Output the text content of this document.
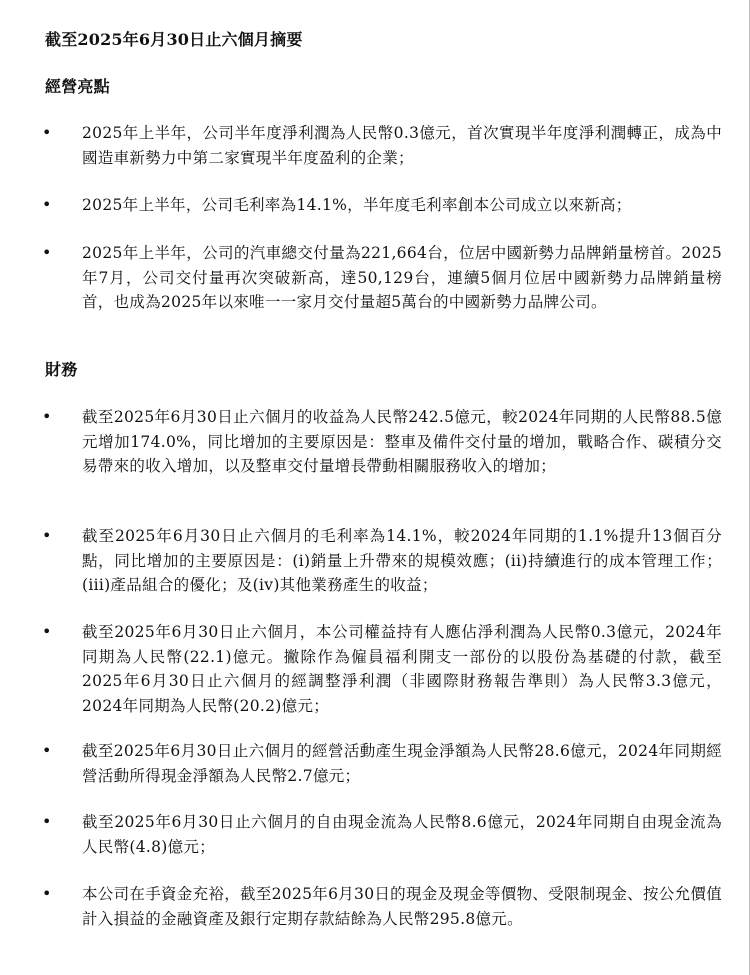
截至2025年6月30日止六個月摘要
經營亮點
• 2025年上半年，公司半年度淨利潤為人民幣0.3億元，首次實現半年度淨利潤轉正，成為中國造車新勢力中第二家實現半年度盈利的企業；
• 2025年上半年，公司毛利率為14.1%，半年度毛利率創本公司成立以來新高；
• 2025年上半年，公司的汽車總交付量為221,664台，位居中國新勢力品牌銷量榜首。2025年7月，公司交付量再次突破新高，達50,129台，連續5個月位居中國新勢力品牌銷量榜首，也成為2025年以來唯一一家月交付量超5萬台的中國新勢力品牌公司。
財務
• 截至2025年6月30日止六個月的收益為人民幣242.5億元，較2024年同期的人民幣88.5億元增加174.0%，同比增加的主要原因是：整車及備件交付量的增加，戰略合作、碳積分交易帶來的收入增加，以及整車交付量增長帶動相關服務收入的增加；
• 截至2025年6月30日止六個月的毛利率為14.1%，較2024年同期的1.1%提升13個百分點，同比增加的主要原因是：(i)銷量上升帶來的規模效應；(ii)持續進行的成本管理工作；(iii)產品組合的優化；及(iv)其他業務產生的收益；
• 截至2025年6月30日止六個月，本公司權益持有人應佔淨利潤為人民幣0.3億元，2024年同期為人民幣(22.1)億元。撇除作為僱員福利開支一部份的以股份為基礎的付款，截至2025年6月30日止六個月的經調整淨利潤（非國際財務報告準則）為人民幣3.3億元，2024年同期為人民幣(20.2)億元；
• 截至2025年6月30日止六個月的經營活動產生現金淨額為人民幣28.6億元，2024年同期經營活動所得現金淨額為人民幣2.7億元；
• 截至2025年6月30日止六個月的自由現金流為人民幣8.6億元，2024年同期自由現金流為人民幣(4.8)億元；
• 本公司在手資金充裕，截至2025年6月30日的現金及現金等價物、受限制現金、按公允價值計入損益的金融資產及銀行定期存款結餘為人民幣295.8億元。
